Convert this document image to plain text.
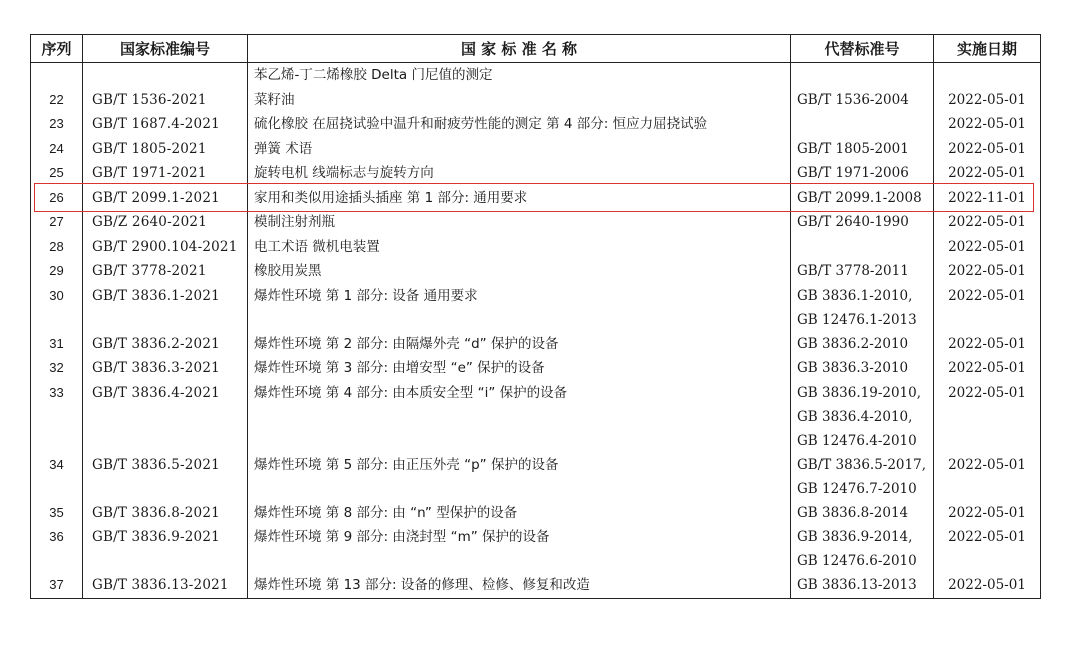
序列	国家标准编号	国 家 标 准 名 称	代替标准号	实施日期
		苯乙烯-丁二烯橡胶 Delta 门尼值的测定		
22	GB/T 1536-2021	菜籽油	GB/T 1536-2004	2022-05-01
23	GB/T 1687.4-2021	硫化橡胶 在屈挠试验中温升和耐疲劳性能的测定 第 4 部分: 恒应力屈挠试验		2022-05-01
24	GB/T 1805-2021	弹簧 术语	GB/T 1805-2001	2022-05-01
25	GB/T 1971-2021	旋转电机 线端标志与旋转方向	GB/T 1971-2006	2022-05-01
26	GB/T 2099.1-2021	家用和类似用途插头插座 第 1 部分: 通用要求	GB/T 2099.1-2008	2022-11-01
27	GB/Z 2640-2021	模制注射剂瓶	GB/T 2640-1990	2022-05-01
28	GB/T 2900.104-2021	电工术语 微机电装置		2022-05-01
29	GB/T 3778-2021	橡胶用炭黑	GB/T 3778-2011	2022-05-01
30	GB/T 3836.1-2021	爆炸性环境 第 1 部分: 设备 通用要求	GB 3836.1-2010,
GB 12476.1-2013	2022-05-01
31	GB/T 3836.2-2021	爆炸性环境 第 2 部分: 由隔爆外壳 “d” 保护的设备	GB 3836.2-2010	2022-05-01
32	GB/T 3836.3-2021	爆炸性环境 第 3 部分: 由增安型 “e” 保护的设备	GB 3836.3-2010	2022-05-01
33	GB/T 3836.4-2021	爆炸性环境 第 4 部分: 由本质安全型 “i” 保护的设备	GB 3836.19-2010,
GB 3836.4-2010,
GB 12476.4-2010	2022-05-01
34	GB/T 3836.5-2021	爆炸性环境 第 5 部分: 由正压外壳 “p” 保护的设备	GB/T 3836.5-2017,
GB 12476.7-2010	2022-05-01
35	GB/T 3836.8-2021	爆炸性环境 第 8 部分: 由 “n” 型保护的设备	GB 3836.8-2014	2022-05-01
36	GB/T 3836.9-2021	爆炸性环境 第 9 部分: 由浇封型 “m” 保护的设备	GB 3836.9-2014,
GB 12476.6-2010	2022-05-01
37	GB/T 3836.13-2021	爆炸性环境 第 13 部分: 设备的修理、检修、修复和改造	GB 3836.13-2013	2022-05-01
